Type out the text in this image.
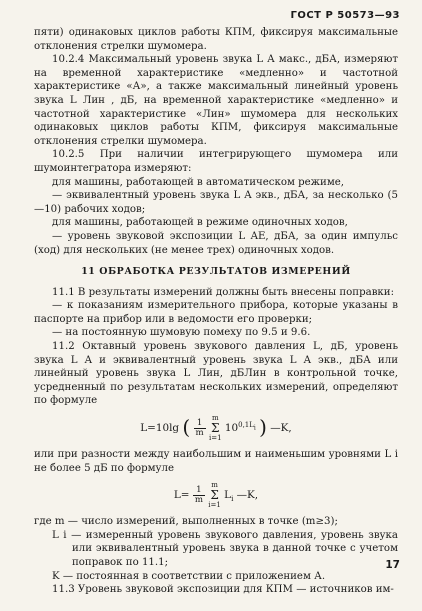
ГОСТ Р 50573—93

пяти) одинаковых циклов работы КПМ, фиксируя максимальные отклонения стрелки шумомера.

10.2.4 Максимальный уровень звука L A макс., дБА, измеряют на временной характеристике «медленно» и частотной характеристике «А», а также максимальный линейный уровень звука L Лин , дБ, на временной характеристике «медленно» и частотной характеристике «Лин» шумомера для нескольких одинаковых циклов работы КПМ, фиксируя максимальные отклонения стрелки шумомера.

10.2.5 При наличии интегрирующего шумомера или шумоинтегратора измеряют:

для машины, работающей в автоматическом режиме,

— эквивалентный уровень звука L A экв., дБА, за несколько (5—10) рабочих ходов;

для машины, работающей в режиме одиночных ходов,

— уровень звуковой экспозиции L AE, дБА, за один импульс (ход) для нескольких (не менее трех) одиночных ходов.

11 ОБРАБОТКА РЕЗУЛЬТАТОВ ИЗМЕРЕНИЙ

11.1 В результаты измерений должны быть внесены поправки:

— к показаниям измерительного прибора, которые указаны в паспорте на прибор или в ведомости его проверки;

— на постоянную шумовую помеху по 9.5 и 9.6.

11.2 Октавный уровень звукового давления L, дБ, уровень звука L A и эквивалентный уровень звука L A экв., дБА или линейный уровень звука L Лин, дБЛин в контрольной точке, усредненный по результатам нескольких измерений, определяют по формуле

L=10lg ( $\frac{1}{m}$
m
Σ
i=1 $10^{0,1L_i}$ ) —K,

или при разности между наибольшим и наименьшим уровнями L i не более 5 дБ по формуле

$L= \frac{1}{m}$
m
Σ
i=1 $L_i$ —K,

где m — число измерений, выполненных в точке (m≥3);

L i — измеренный уровень звукового давления, уровень звука или эквивалентный уровень звука в данной точке с учетом поправок по 11.1;

K — постоянная в соответствии с приложением А.

11.3 Уровень звуковой экспозиции для КПМ — источников им-

17
